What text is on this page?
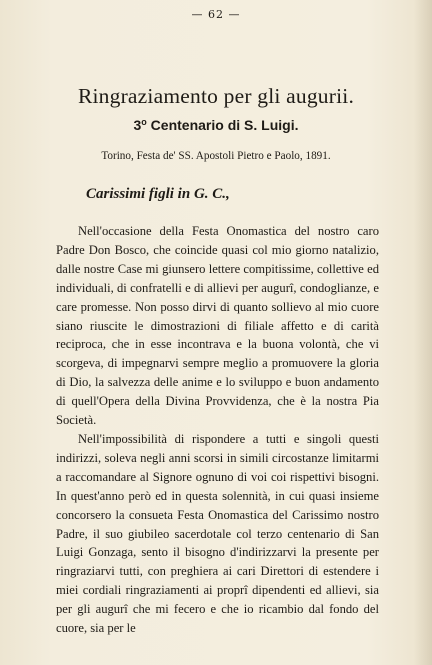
— 62 —
Ringraziamento per gli augurii.
3$^o$ Centenario di S. Luigi.
Torino, Festa de' SS. Apostoli Pietro e Paolo, 1891.
Carissimi figli in G. C.,

Nell'occasione della Festa Onomastica del nostro caro Padre Don Bosco, che coincide quasi col mio giorno natalizio, dalle nostre Case mi giunsero lettere compitissime, collettive ed individuali, di confratelli e di allievi per augurî, condoglianze, e care promesse. Non posso dirvi di quanto sollievo al mio cuore siano riuscite le dimostrazioni di filiale affetto e di carità reciproca, che in esse incontrava e la buona volontà, che vi scorgeva, di impegnarvi sempre meglio a promuovere la gloria di Dio, la salvezza delle anime e lo sviluppo e buon andamento di quell'Opera della Divina Provvidenza, che è la nostra Pia Società.

Nell'impossibilità di rispondere a tutti e singoli questi indirizzi, soleva negli anni scorsi in simili circostanze limitarmi a raccomandare al Signore ognuno di voi coi rispettivi bisogni. In quest'anno però ed in questa solennità, in cui quasi insieme concorsero la consueta Festa Onomastica del Carissimo nostro Padre, il suo giubileo sacerdotale col terzo centenario di San Luigi Gonzaga, sento il bisogno d'indirizzarvi la presente per ringraziarvi tutti, con preghiera ai cari Direttori di estendere i miei cordiali ringraziamenti ai proprî dipendenti ed allievi, sia per gli augurî che mi fecero e che io ricambio dal fondo del cuore, sia per le
